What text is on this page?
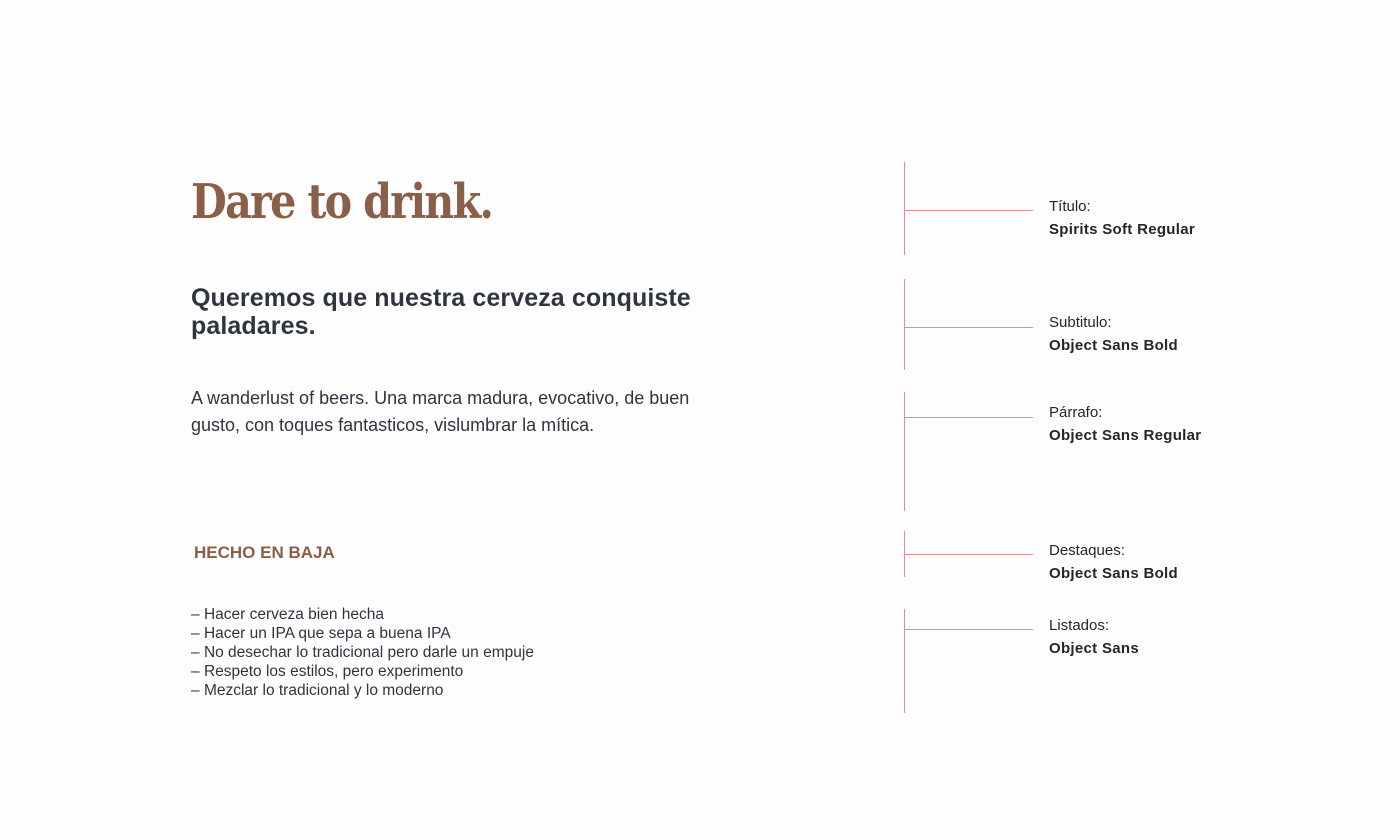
Dare to drink.
Queremos que nuestra cerveza conquiste paladares.

A wanderlust of beers. Una marca madura, evocativo, de buen gusto, con toques fantasticos, vislumbrar la mítica.

HECHO EN BAJA

– Hacer cerveza bien hecha
– Hacer un IPA que sepa a buena IPA
– No desechar lo tradicional pero darle un empuje
– Respeto los estilos, pero experimento
– Mezclar lo tradicional y lo moderno
Título:
Spirits Soft Regular
Subtitulo:
Object Sans Bold
Párrafo:
Object Sans Regular
Destaques:
Object Sans Bold
Listados:
Object Sans
